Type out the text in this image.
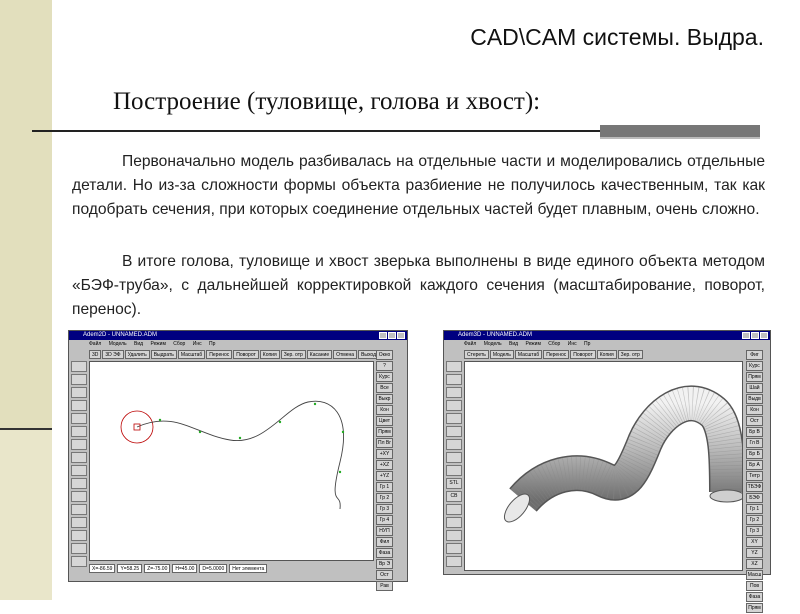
CAD\CAM системы. Выдра.
Построение (туловище, голова и хвост):

Первоначально модель разбивалась на отдельные части и моделировались отдельные детали. Но из-за сложности формы объекта разбиение не получилось качественным, так как подобрать сечения, при которых соединение отдельных частей будет плавным, очень сложно.

В итоге голова, туловище и хвост зверька выполнены в виде единого объекта методом «БЭФ-труба», с дальнейшей корректировкой каждого сечения (масштабирование, поворот, перенос).

Adem2D - UNNAMED.ADM
Файл Модель Вид Режим Сбор Инс Пр
3D	3D ЭФ	Удалить	Выдрать	Масштаб	Перенос	Поворот	Копия	Зер. отр	Касание	Отмена	Выход Окно
?
Курс
Все
Выкр
Кон
Цвет
Прям
Пл Вг
+XY
+XZ
+YZ
Гр 1
Гр 2
Гр 3
Гр 4
НУП
Фил
Фаза
Вр Э
Ост
Рав
X=-86.59	Y=58.25	Z=-75.00	H=45.00	D=5.0000	Нет элемента
Adem3D - UNNAMED.ADM
Файл Модель Вид Режим Сбор Инс Пр
Стереть	Модель	Масштаб	Перенос	Поворот	Копия	Зер. отр
STL
CB
Фиг
Курс
Прям
Шай
Выдв
Кон
Ост
Бр В
Гл В
Бр Б
Бр А
Тетр
ТБЭФ
БЭФ
Гр 1
Гр 2
Гр 3
XY
YZ
XZ
Масш
Пов
Фаза
Прям
